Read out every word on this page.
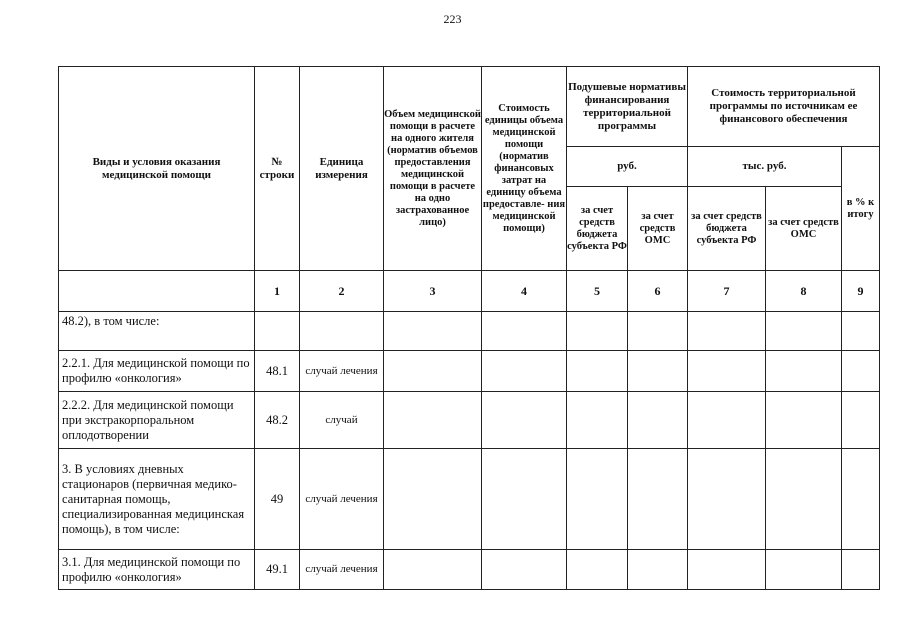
223
Виды и условия оказания медицинской помощи	№ строки	Единица измерения	Объем медицинской помощи в расчете на одного жителя (норматив объемов предоставления медицинской помощи в расчете на одно застрахованное лицо)	Стоимость единицы объема медицинской помощи (норматив финансовых затрат на единицу объема предоставле- ния медицинской помощи)	Подушевые нормативы финансирования территориальной программы		Стоимость территориальной программы по источникам ее финансового обеспечения		
					руб.		тыс. руб.		в % к итогу
					за счет средств бюджета субъекта РФ	за счет средств ОМС	за счет средств бюджета субъекта РФ	за счет средств ОМС	
	1	2	3	4	5	6	7	8	9
48.2), в том числе:									
2.2.1. Для медицинской помощи по профилю «онкология»	48.1	случай лечения							
2.2.2. Для медицинской помощи при экстракорпоральном оплодотворении	48.2	случай							
3. В условиях дневных стационаров (первичная медико-санитарная помощь, специализированная медицинская помощь), в том числе:	49	случай лечения							
3.1. Для медицинской помощи по профилю «онкология»	49.1	случай лечения							
